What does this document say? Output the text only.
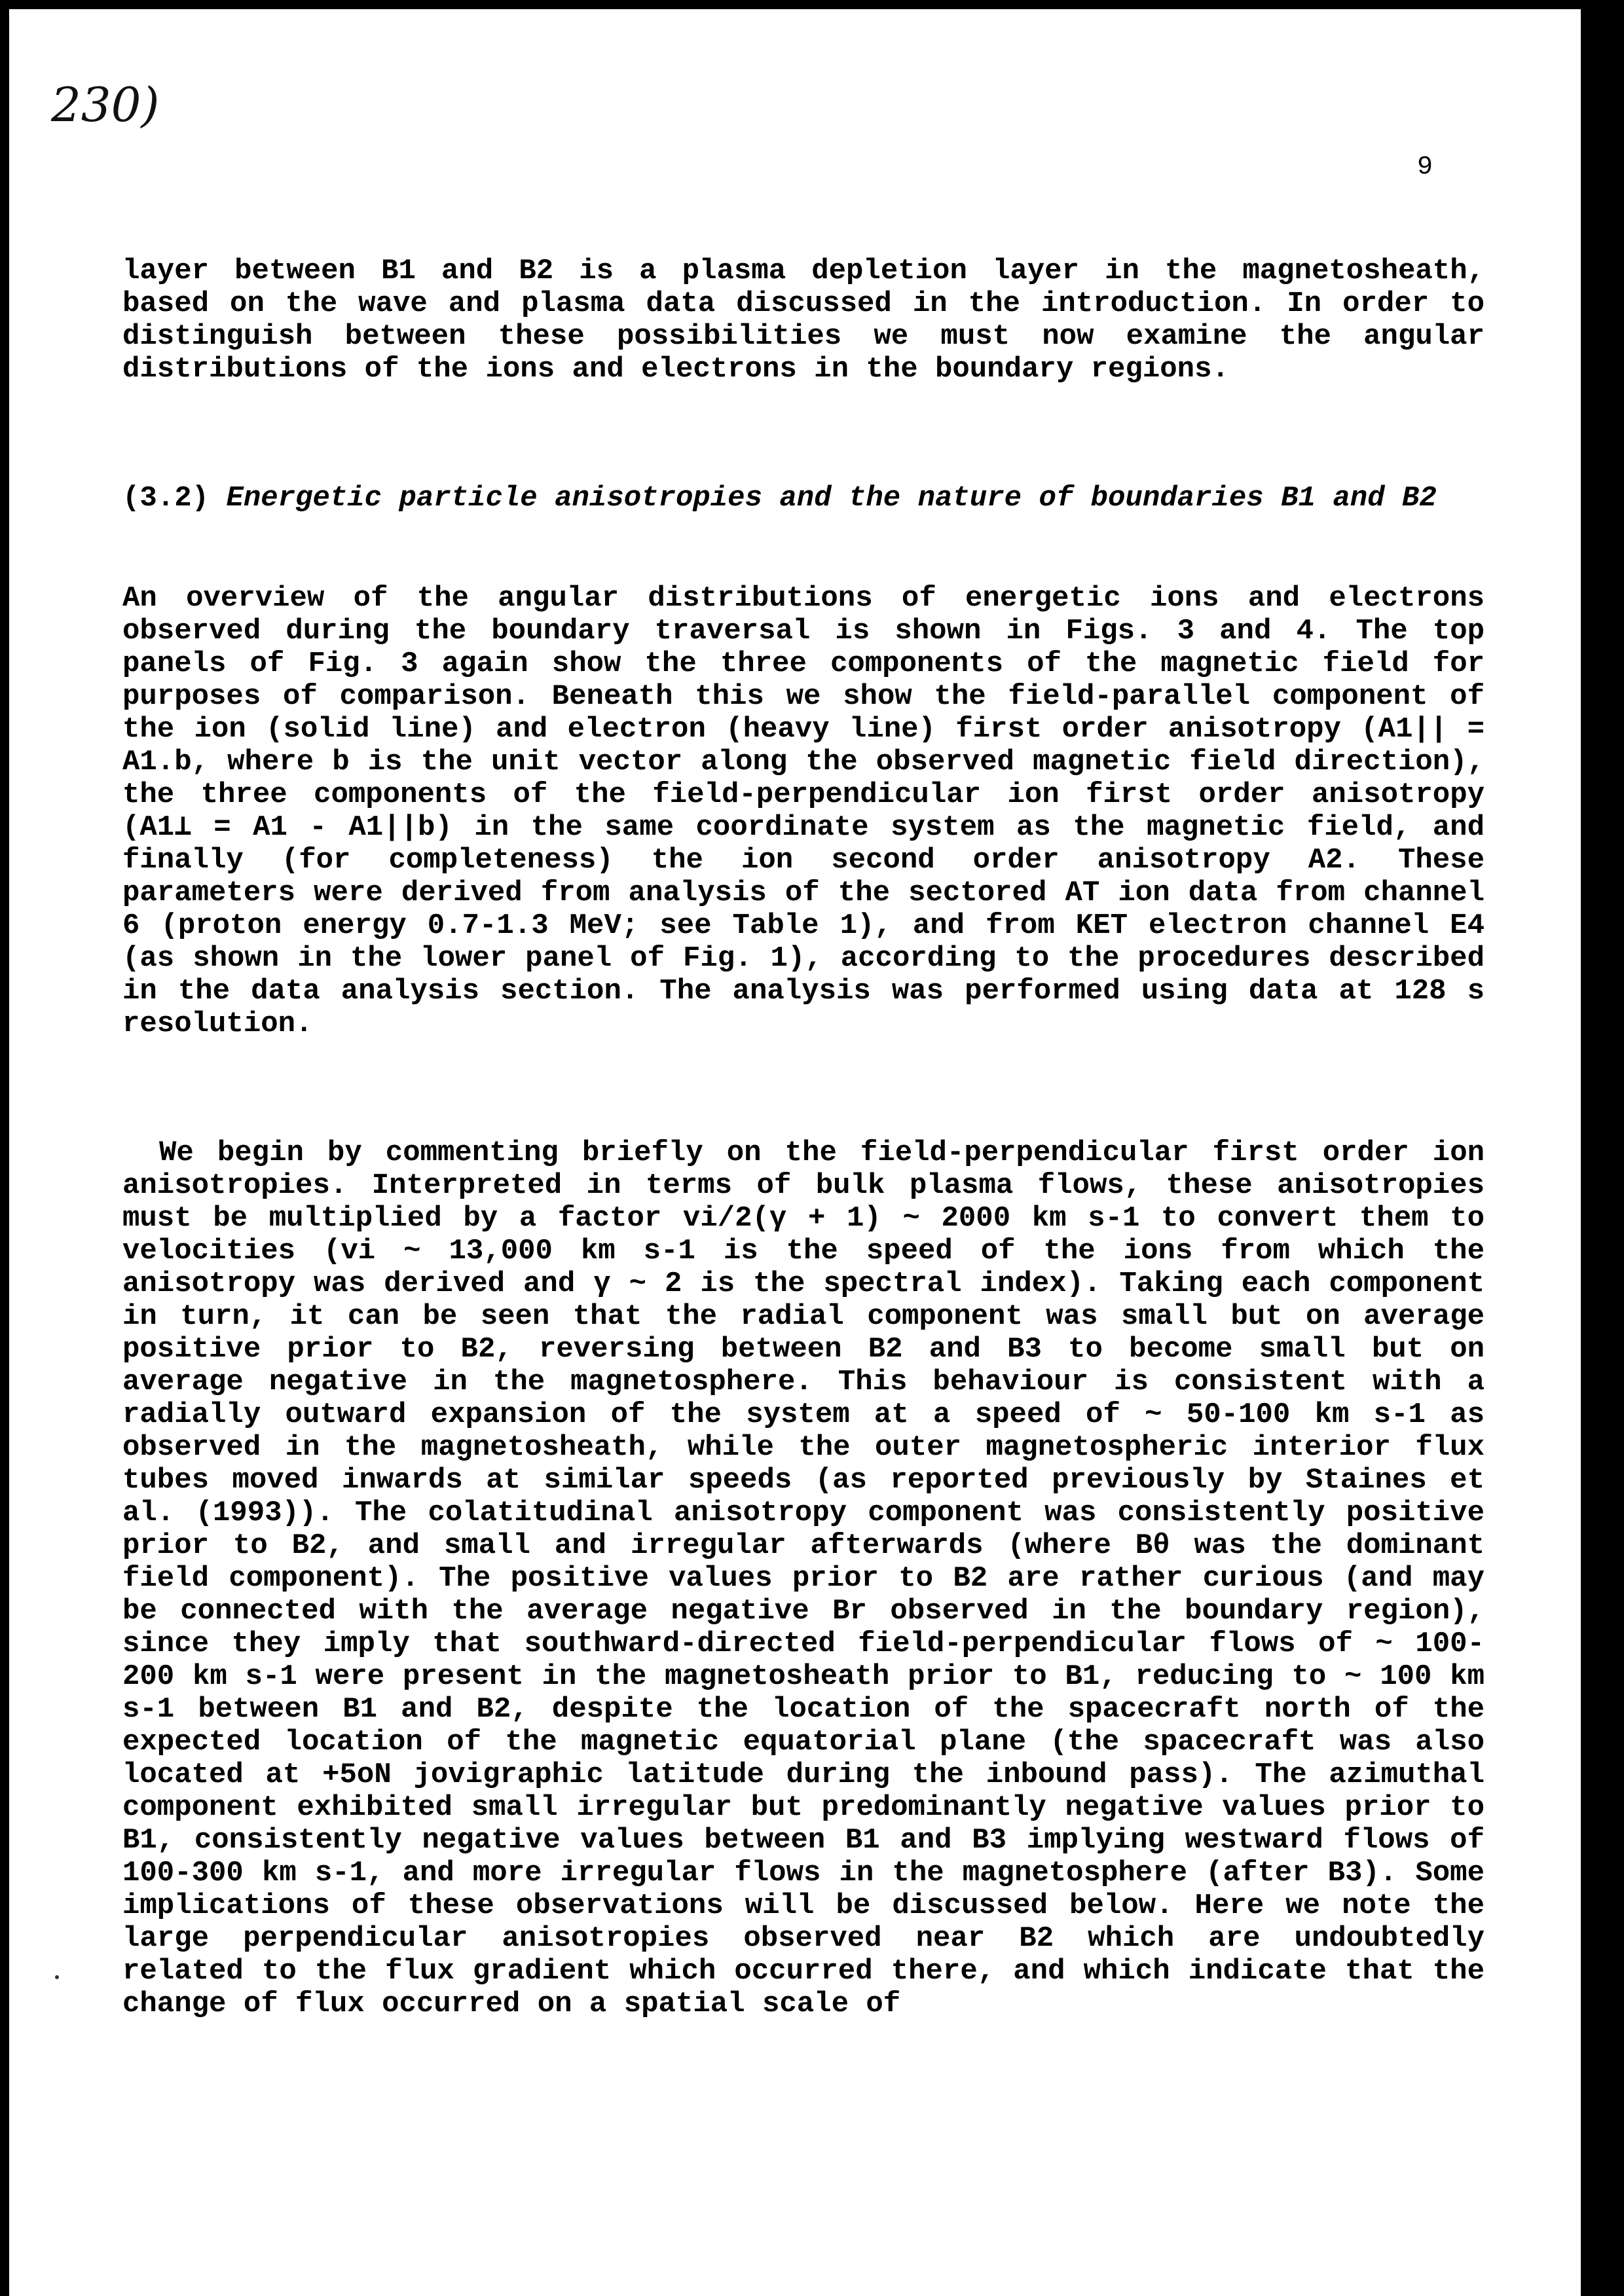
230)
9
layer between B1 and B2 is a plasma depletion layer in the magnetosheath, based on the wave and plasma data discussed in the introduction. In order to distinguish between these possibilities we must now examine the angular distributions of the ions and electrons in the boundary regions.
(3.2) Energetic particle anisotropies and the nature of boundaries B1 and B2
An overview of the angular distributions of energetic ions and electrons observed during the boundary traversal is shown in Figs. 3 and 4. The top panels of Fig. 3 again show the three components of the magnetic field for purposes of comparison. Beneath this we show the field-parallel component of the ion (solid line) and electron (heavy line) first order anisotropy (A1|| = A1.b, where b is the unit vector along the observed magnetic field direction), the three components of the field-perpendicular ion first order anisotropy (A1⊥ = A1 - A1||b) in the same coordinate system as the magnetic field, and finally (for completeness) the ion second order anisotropy A2. These parameters were derived from analysis of the sectored AT ion data from channel 6 (proton energy 0.7-1.3 MeV; see Table 1), and from KET electron channel E4 (as shown in the lower panel of Fig. 1), according to the procedures described in the data analysis section. The analysis was performed using data at 128 s resolution.
We begin by commenting briefly on the field-perpendicular first order ion anisotropies. Interpreted in terms of bulk plasma flows, these anisotropies must be multiplied by a factor vi/2(γ + 1) ~ 2000 km s-1 to convert them to velocities (vi ~ 13,000 km s-1 is the speed of the ions from which the anisotropy was derived and γ ~ 2 is the spectral index). Taking each component in turn, it can be seen that the radial component was small but on average positive prior to B2, reversing between B2 and B3 to become small but on average negative in the magnetosphere. This behaviour is consistent with a radially outward expansion of the system at a speed of ~ 50-100 km s-1 as observed in the magnetosheath, while the outer magnetospheric interior flux tubes moved inwards at similar speeds (as reported previously by Staines et al. (1993)). The colatitudinal anisotropy component was consistently positive prior to B2, and small and irregular afterwards (where Bθ was the dominant field component). The positive values prior to B2 are rather curious (and may be connected with the average negative Br observed in the boundary region), since they imply that southward-directed field-perpendicular flows of ~ 100-200 km s-1 were present in the magnetosheath prior to B1, reducing to ~ 100 km s-1 between B1 and B2, despite the location of the spacecraft north of the expected location of the magnetic equatorial plane (the spacecraft was also located at +5oN jovigraphic latitude during the inbound pass). The azimuthal component exhibited small irregular but predominantly negative values prior to B1, consistently negative values between B1 and B3 implying westward flows of 100-300 km s-1, and more irregular flows in the magnetosphere (after B3). Some implications of these observations will be discussed below. Here we note the large perpendicular anisotropies observed near B2 which are undoubtedly related to the flux gradient which occurred there, and which indicate that the change of flux occurred on a spatial scale of
